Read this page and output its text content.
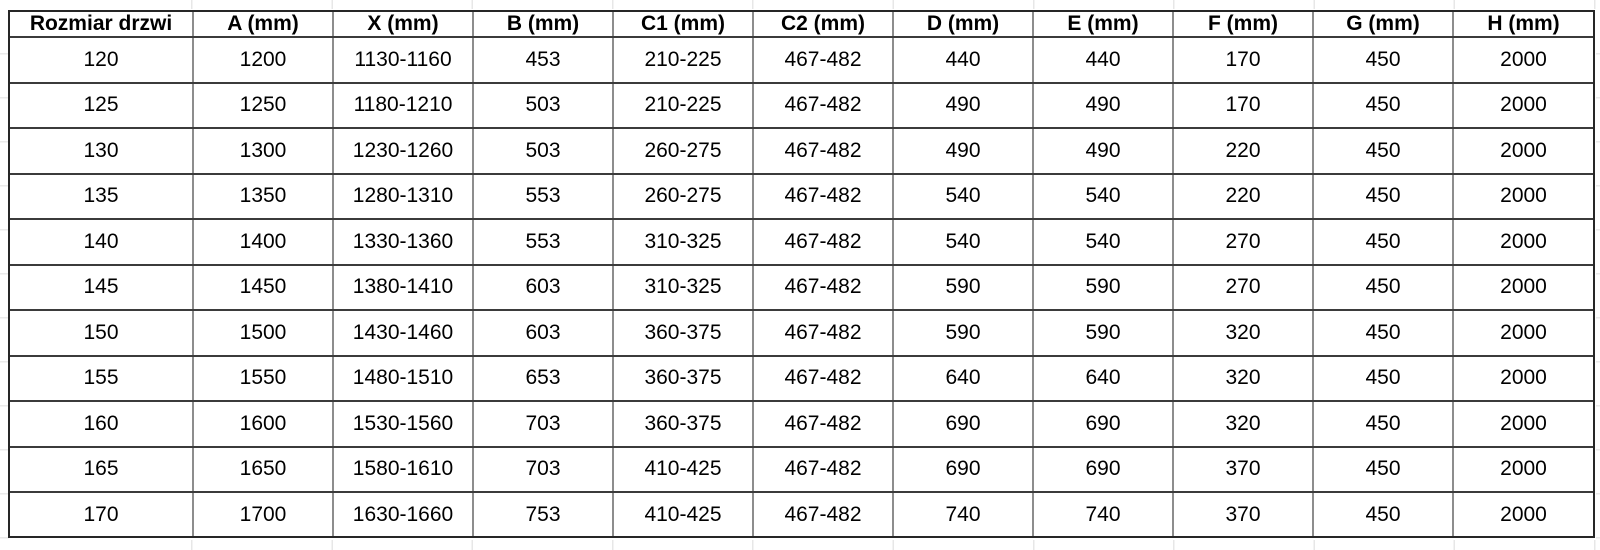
Rozmiar drzwi	A (mm)	X (mm)	B (mm)	C1 (mm)	C2 (mm)	D (mm)	E (mm)	F (mm)	G (mm)	H (mm)
120	1200	1130-1160	453	210-225	467-482	440	440	170	450	2000
125	1250	1180-1210	503	210-225	467-482	490	490	170	450	2000
130	1300	1230-1260	503	260-275	467-482	490	490	220	450	2000
135	1350	1280-1310	553	260-275	467-482	540	540	220	450	2000
140	1400	1330-1360	553	310-325	467-482	540	540	270	450	2000
145	1450	1380-1410	603	310-325	467-482	590	590	270	450	2000
150	1500	1430-1460	603	360-375	467-482	590	590	320	450	2000
155	1550	1480-1510	653	360-375	467-482	640	640	320	450	2000
160	1600	1530-1560	703	360-375	467-482	690	690	320	450	2000
165	1650	1580-1610	703	410-425	467-482	690	690	370	450	2000
170	1700	1630-1660	753	410-425	467-482	740	740	370	450	2000
